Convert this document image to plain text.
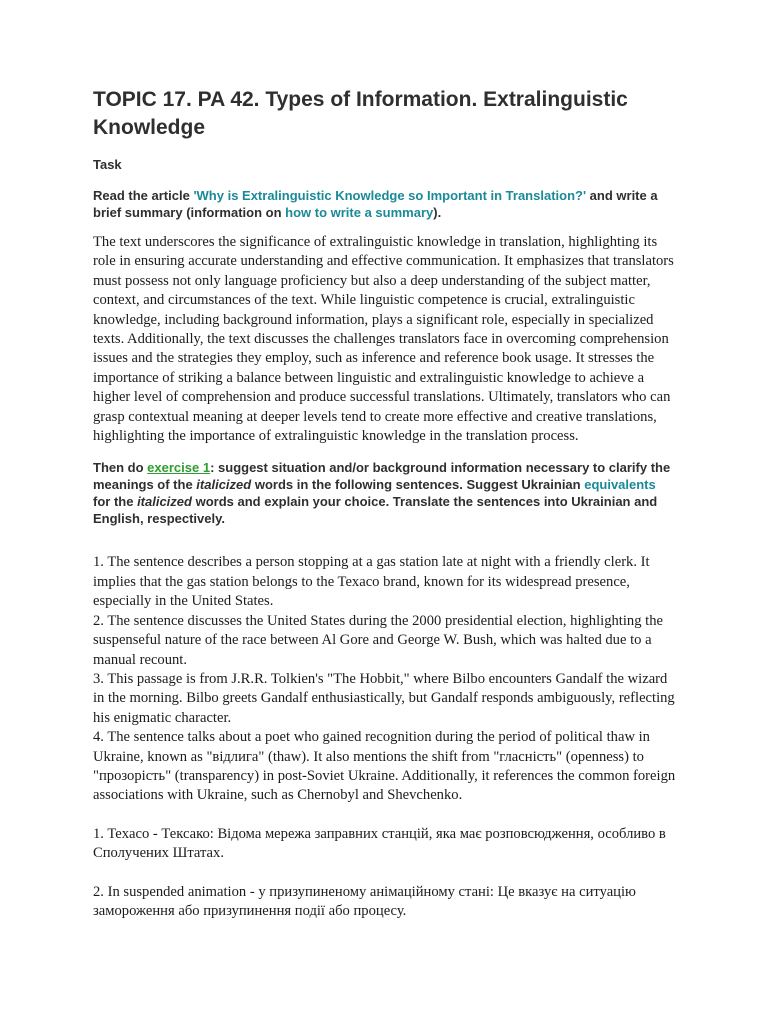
TOPIC 17. PA 42. Types of Information. Extralinguistic Knowledge
Task

Read the article 'Why is Extralinguistic Knowledge so Important in Translation?' and write a brief summary (information on how to write a summary).

The text underscores the significance of extralinguistic knowledge in translation, highlighting its role in ensuring accurate understanding and effective communication. It emphasizes that translators must possess not only language proficiency but also a deep understanding of the subject matter, context, and circumstances of the text. While linguistic competence is crucial, extralinguistic knowledge, including background information, plays a significant role, especially in specialized texts. Additionally, the text discusses the challenges translators face in overcoming comprehension issues and the strategies they employ, such as inference and reference book usage. It stresses the importance of striking a balance between linguistic and extralinguistic knowledge to achieve a higher level of comprehension and produce successful translations. Ultimately, translators who can grasp contextual meaning at deeper levels tend to create more effective and creative translations, highlighting the importance of extralinguistic knowledge in the translation process.

Then do exercise 1: suggest situation and/or background information necessary to clarify the meanings of the italicized words in the following sentences. Suggest Ukrainian equivalents for the italicized words and explain your choice. Translate the sentences into Ukrainian and English, respectively.

1. The sentence describes a person stopping at a gas station late at night with a friendly clerk. It implies that the gas station belongs to the Texaco brand, known for its widespread presence, especially in the United States.
2. The sentence discusses the United States during the 2000 presidential election, highlighting the suspenseful nature of the race between Al Gore and George W. Bush, which was halted due to a manual recount.
3. This passage is from J.R.R. Tolkien's "The Hobbit," where Bilbo encounters Gandalf the wizard in the morning. Bilbo greets Gandalf enthusiastically, but Gandalf responds ambiguously, reflecting his enigmatic character.
4. The sentence talks about a poet who gained recognition during the period of political thaw in Ukraine, known as "відлига" (thaw). It also mentions the shift from "гласність" (openness) to "прозорість" (transparency) in post-Soviet Ukraine. Additionally, it references the common foreign associations with Ukraine, such as Chernobyl and Shevchenko.

1. Texaco - Тексако: Відома мережа заправних станцій, яка має розповсюдження, особливо в Сполучених Штатах.

2. In suspended animation - у призупиненому анімаційному стані: Це вказує на ситуацію замороження або призупинення події або процесу.
